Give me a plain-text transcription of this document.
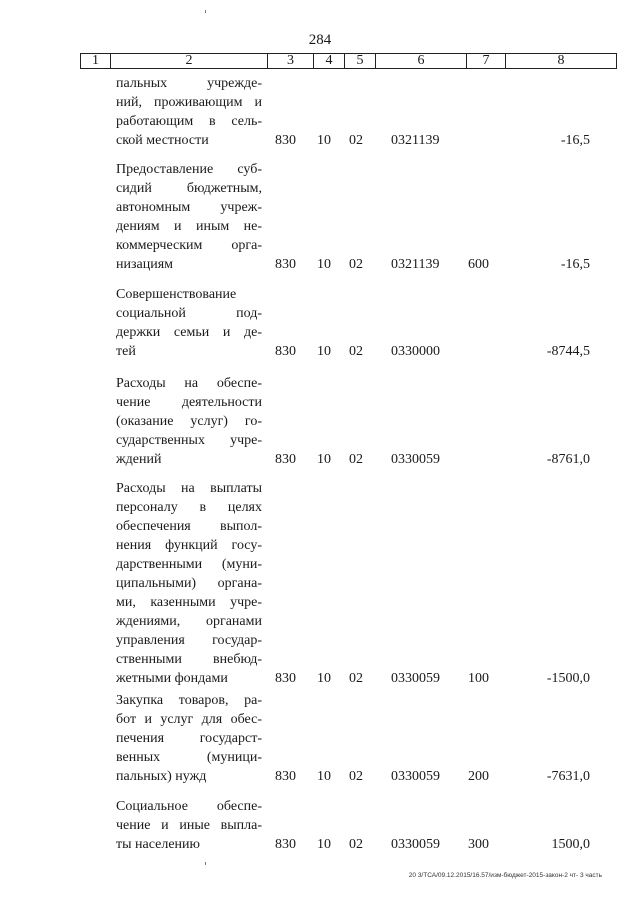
284
1	2	3	4	5	6	7	8
пальных учрежде-
ний, проживающим и
работающим в сель-
ской местности	830 10 02 0321139	-16,5
Предоставление суб-
сидий бюджетным,
автономным учреж-
дениям и иным не-
коммерческим орга-
низациям	830 10 02 0321139 600	-16,5
Совершенствование
социальной под-
держки семьи и де-
тей	830 10 02 0330000	-8744,5
Расходы на обеспе-
чение деятельности
(оказание услуг) го-
сударственных учре-
ждений	830 10 02 0330059	-8761,0
Расходы на выплаты
персоналу в целях
обеспечения выпол-
нения функций госу-
дарственными (муни-
ципальными) органа-
ми, казенными учре-
ждениями, органами
управления государ-
ственными внебюд-
жетными фондами	830 10 02 0330059 100	-1500,0
Закупка товаров, ра-
бот и услуг для обес-
печения государст-
венных (муници-
пальных) нужд	830 10 02 0330059 200	-7631,0
Социальное обеспе-
чение и иные выпла-
ты населению	830 10 02 0330059 300	1500,0
20 3/ТСА/09.12.2015/16.57/изм-бюджет-2015-закон-2 чт- 3 часть
